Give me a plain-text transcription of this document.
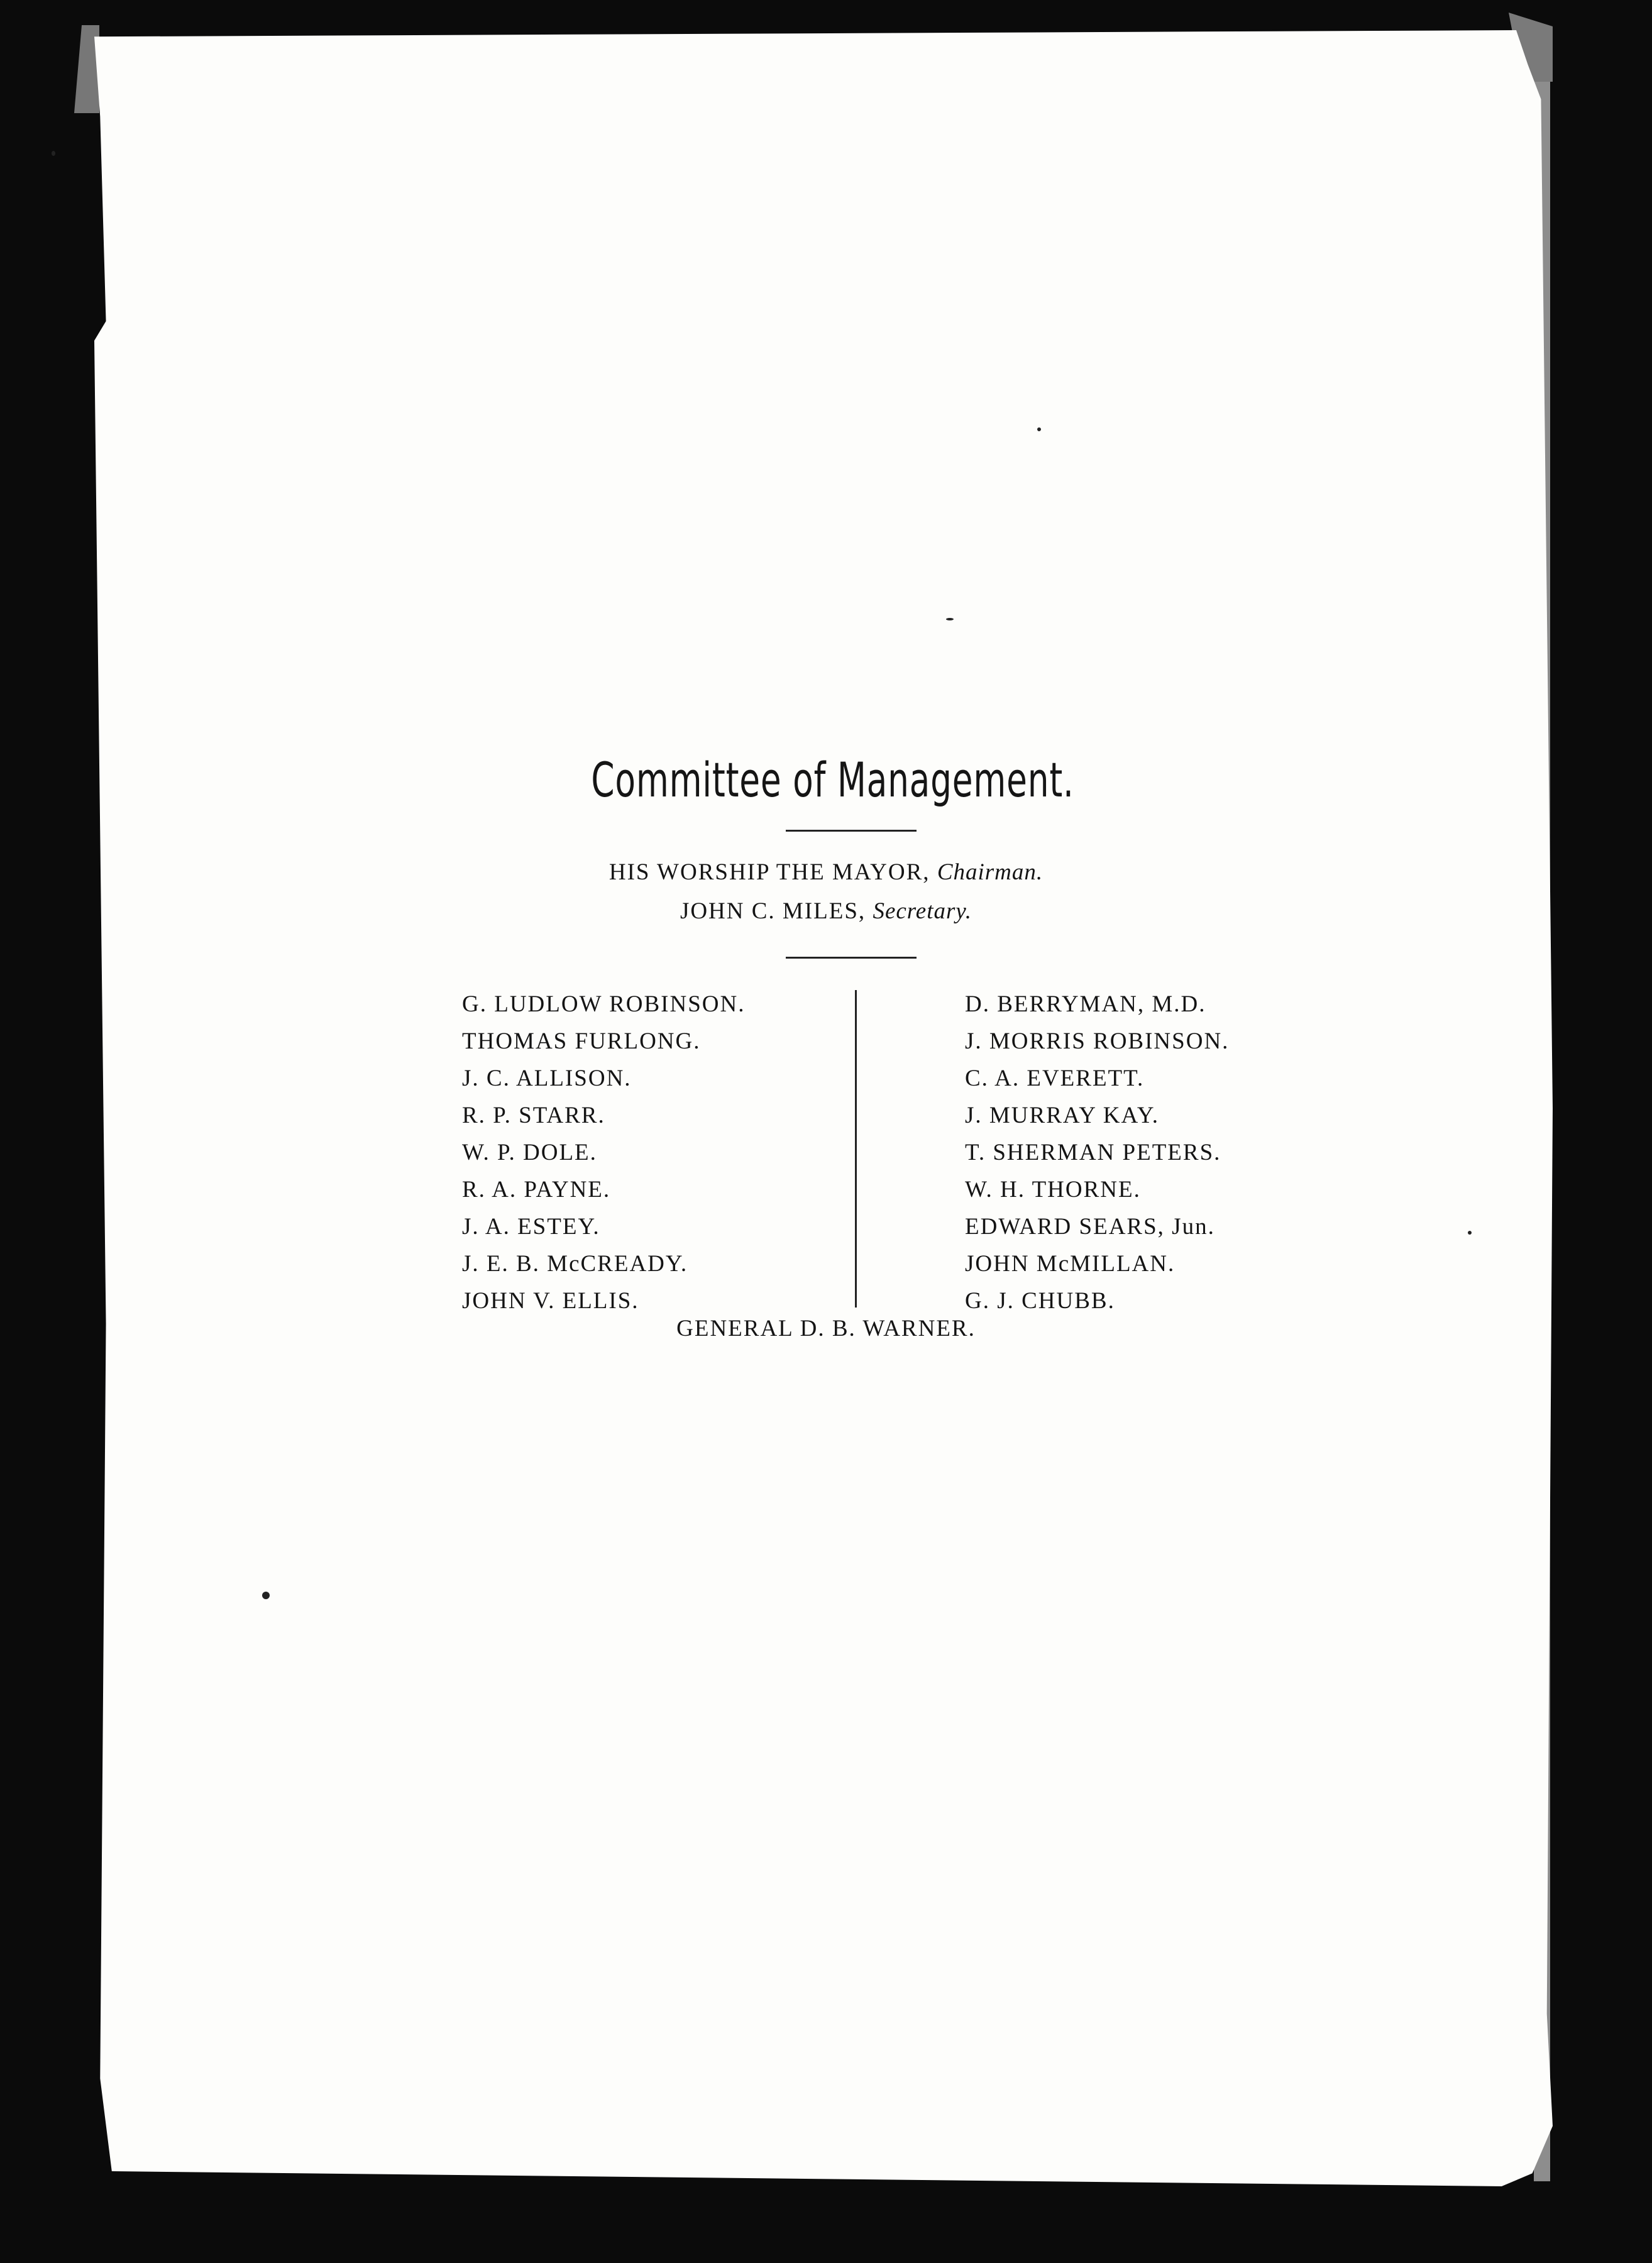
Committee of Management.
HIS WORSHIP THE MAYOR, Chairman.
JOHN C. MILES, Secretary.
G. LUDLOW ROBINSON.
THOMAS FURLONG.
J. C. ALLISON.
R. P. STARR.
W. P. DOLE.
R. A. PAYNE.
J. A. ESTEY.
J. E. B. McCREADY.
JOHN V. ELLIS.
D. BERRYMAN, M.D.
J. MORRIS ROBINSON.
C. A. EVERETT.
J. MURRAY KAY.
T. SHERMAN PETERS.
W. H. THORNE.
EDWARD SEARS, Jun.
JOHN McMILLAN.
G. J. CHUBB.
GENERAL D. B. WARNER.
